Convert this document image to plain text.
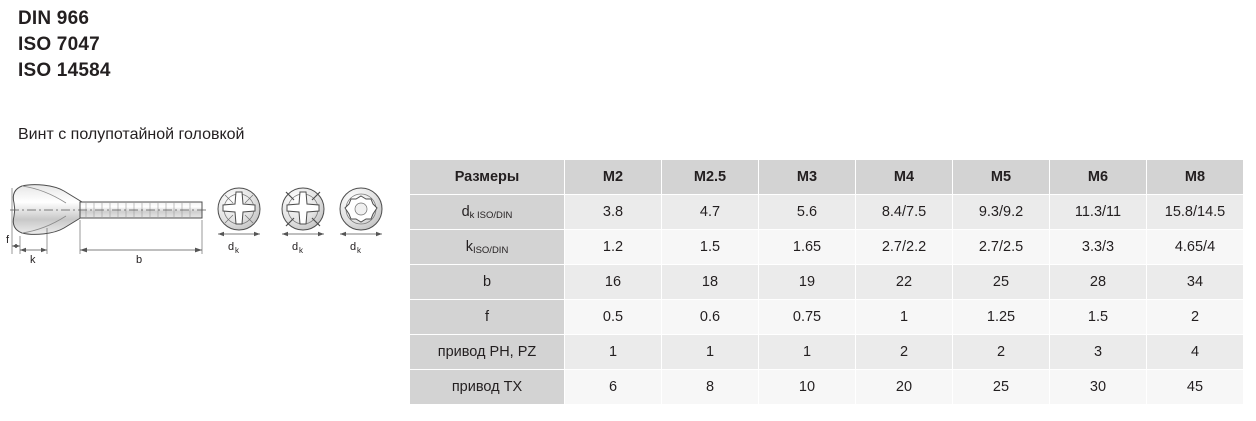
DIN 966
ISO 7047
ISO 14584
Винт с полупотайной головкой
f
k	b
d k	d k	d k
Размеры	M2	M2.5	M3	M4	M5	M6	M8
dk ISO/DIN	3.8	4.7	5.6	8.4/7.5	9.3/9.2	11.3/11	15.8/14.5
kISO/DIN	1.2	1.5	1.65	2.7/2.2	2.7/2.5	3.3/3	4.65/4
b	16	18	19	22	25	28	34
f	0.5	0.6	0.75	1	1.25	1.5	2
привод PH, PZ	1	1	1	2	2	3	4
привод TX	6	8	10	20	25	30	45
